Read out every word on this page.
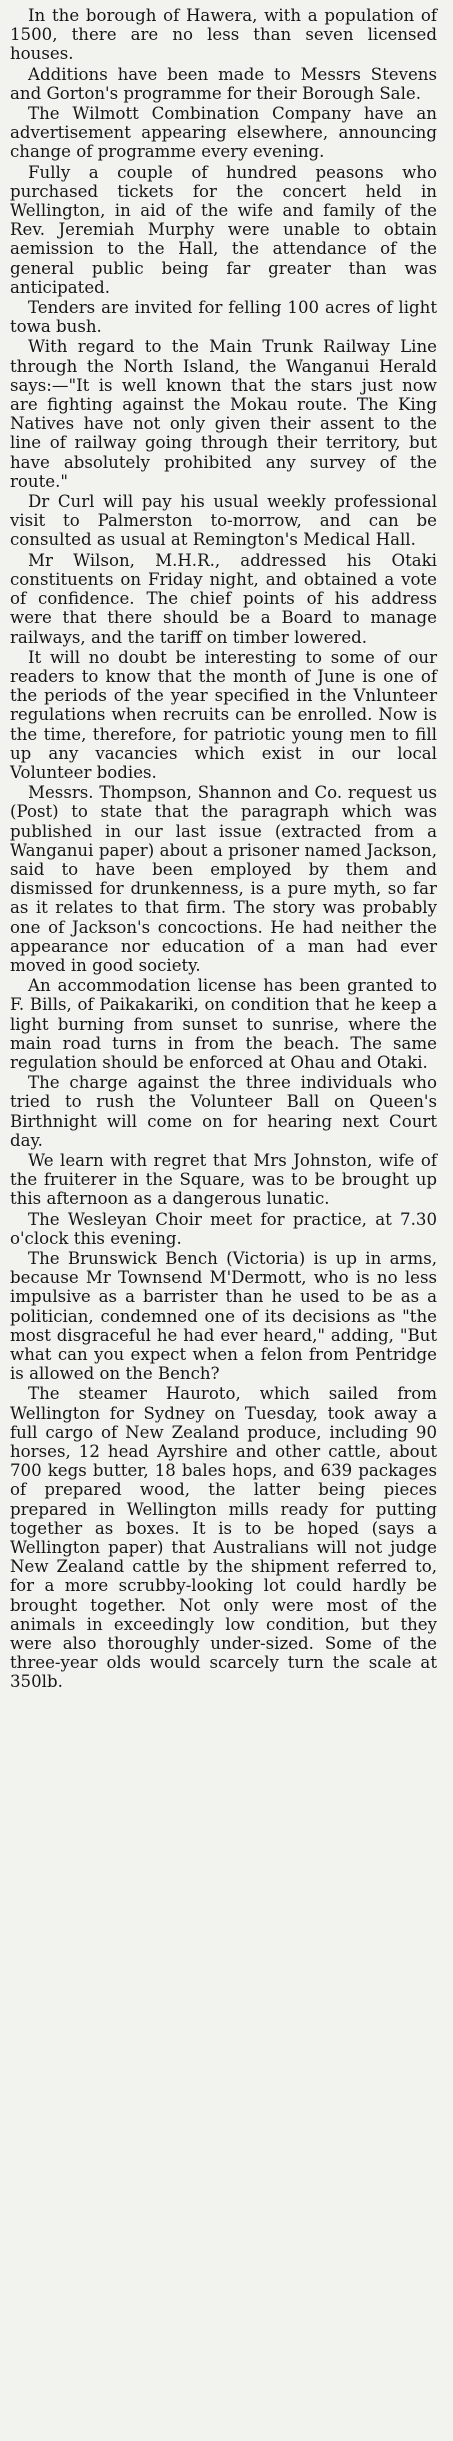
In the borough of Hawera, with a population of 1500, there are no less than seven licensed houses.

Additions have been made to Messrs Stevens and Gorton's programme for their Borough Sale.

The Wilmott Combination Company have an advertisement appearing elsewhere, announcing change of programme every evening.

Fully a couple of hundred peasons who purchased tickets for the concert held in Wellington, in aid of the wife and family of the Rev. Jeremiah Murphy were unable to obtain aemission to the Hall, the attendance of the general public being far greater than was anticipated.

Tenders are invited for felling 100 acres of light towa bush.

With regard to the Main Trunk Railway Line through the North Island, the Wanganui Herald says:—"It is well known that the stars just now are fighting against the Mokau route. The King Natives have not only given their assent to the line of railway going through their territory, but have absolutely prohibited any survey of the route."

Dr Curl will pay his usual weekly professional visit to Palmerston to-morrow, and can be consulted as usual at Remington's Medical Hall.

Mr Wilson, M.H.R., addressed his Otaki constituents on Friday night, and obtained a vote of confidence. The chief points of his address were that there should be a Board to manage railways, and the tariff on timber lowered.

It will no doubt be interesting to some of our readers to know that the month of June is one of the periods of the year specified in the Vnlunteer regulations when recruits can be enrolled. Now is the time, therefore, for patriotic young men to fill up any vacancies which exist in our local Volunteer bodies.

Messrs. Thompson, Shannon and Co. request us (Post) to state that the paragraph which was published in our last issue (extracted from a Wanganui paper) about a prisoner named Jackson, said to have been employed by them and dismissed for drunkenness, is a pure myth, so far as it relates to that firm. The story was probably one of Jackson's concoctions. He had neither the appearance nor education of a man had ever moved in good society.

An accommodation license has been granted to F. Bills, of Paikakariki, on condition that he keep a light burning from sunset to sunrise, where the main road turns in from the beach. The same regulation should be enforced at Ohau and Otaki.

The charge against the three individuals who tried to rush the Volunteer Ball on Queen's Birthnight will come on for hearing next Court day.

We learn with regret that Mrs Johnston, wife of the fruiterer in the Square, was to be brought up this afternoon as a dangerous lunatic.

The Wesleyan Choir meet for practice, at 7.30 o'clock this evening.

The Brunswick Bench (Victoria) is up in arms, because Mr Townsend M'Dermott, who is no less impulsive as a barrister than he used to be as a politician, condemned one of its decisions as "the most disgraceful he had ever heard," adding, "But what can you expect when a felon from Pentridge is allowed on the Bench?

The steamer Hauroto, which sailed from Wellington for Sydney on Tuesday, took away a full cargo of New Zealand produce, including 90 horses, 12 head Ayrshire and other cattle, about 700 kegs butter, 18 bales hops, and 639 packages of prepared wood, the latter being pieces prepared in Wellington mills ready for putting together as boxes. It is to be hoped (says a Wellington paper) that Australians will not judge New Zealand cattle by the shipment referred to, for a more scrubby-looking lot could hardly be brought together. Not only were most of the animals in exceedingly low condition, but they were also thoroughly under-sized. Some of the three-year olds would scarcely turn the scale at 350lb.
